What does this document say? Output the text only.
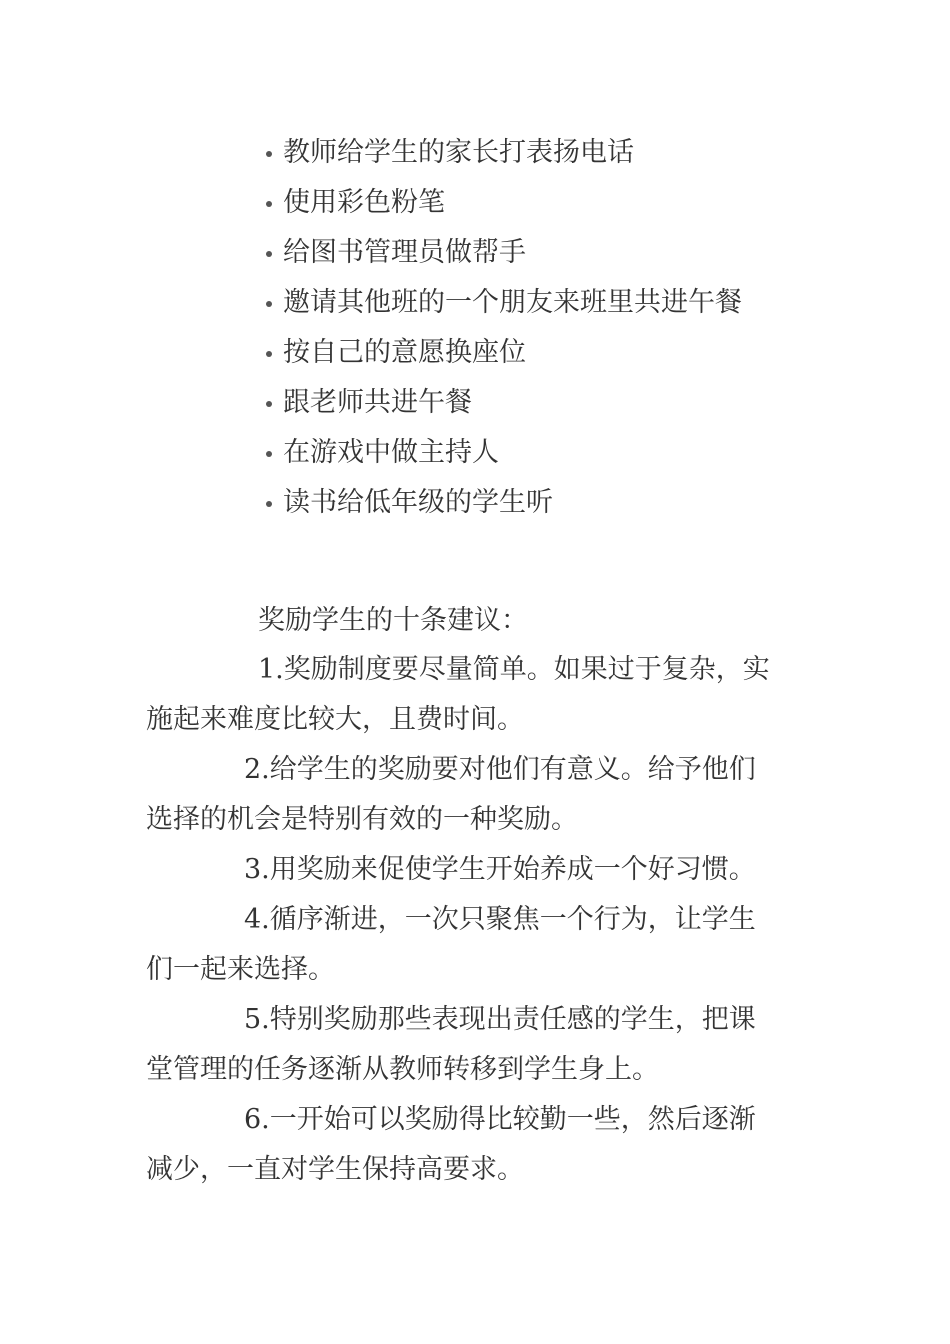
教师给学生的家长打表扬电话
使用彩色粉笔
给图书管理员做帮手
邀请其他班的一个朋友来班里共进午餐
按自己的意愿换座位
跟老师共进午餐
在游戏中做主持人
读书给低年级的学生听
奖励学生的十条建议：

1.奖励制度要尽量简单。如果过于复杂，实
施起来难度比较大，且费时间。

2.给学生的奖励要对他们有意义。给予他们
选择的机会是特别有效的一种奖励。

3.用奖励来促使学生开始养成一个好习惯。

4.循序渐进，一次只聚焦一个行为，让学生
们一起来选择。

5.特别奖励那些表现出责任感的学生，把课
堂管理的任务逐渐从教师转移到学生身上。

6.一开始可以奖励得比较勤一些，然后逐渐
减少，一直对学生保持高要求。
